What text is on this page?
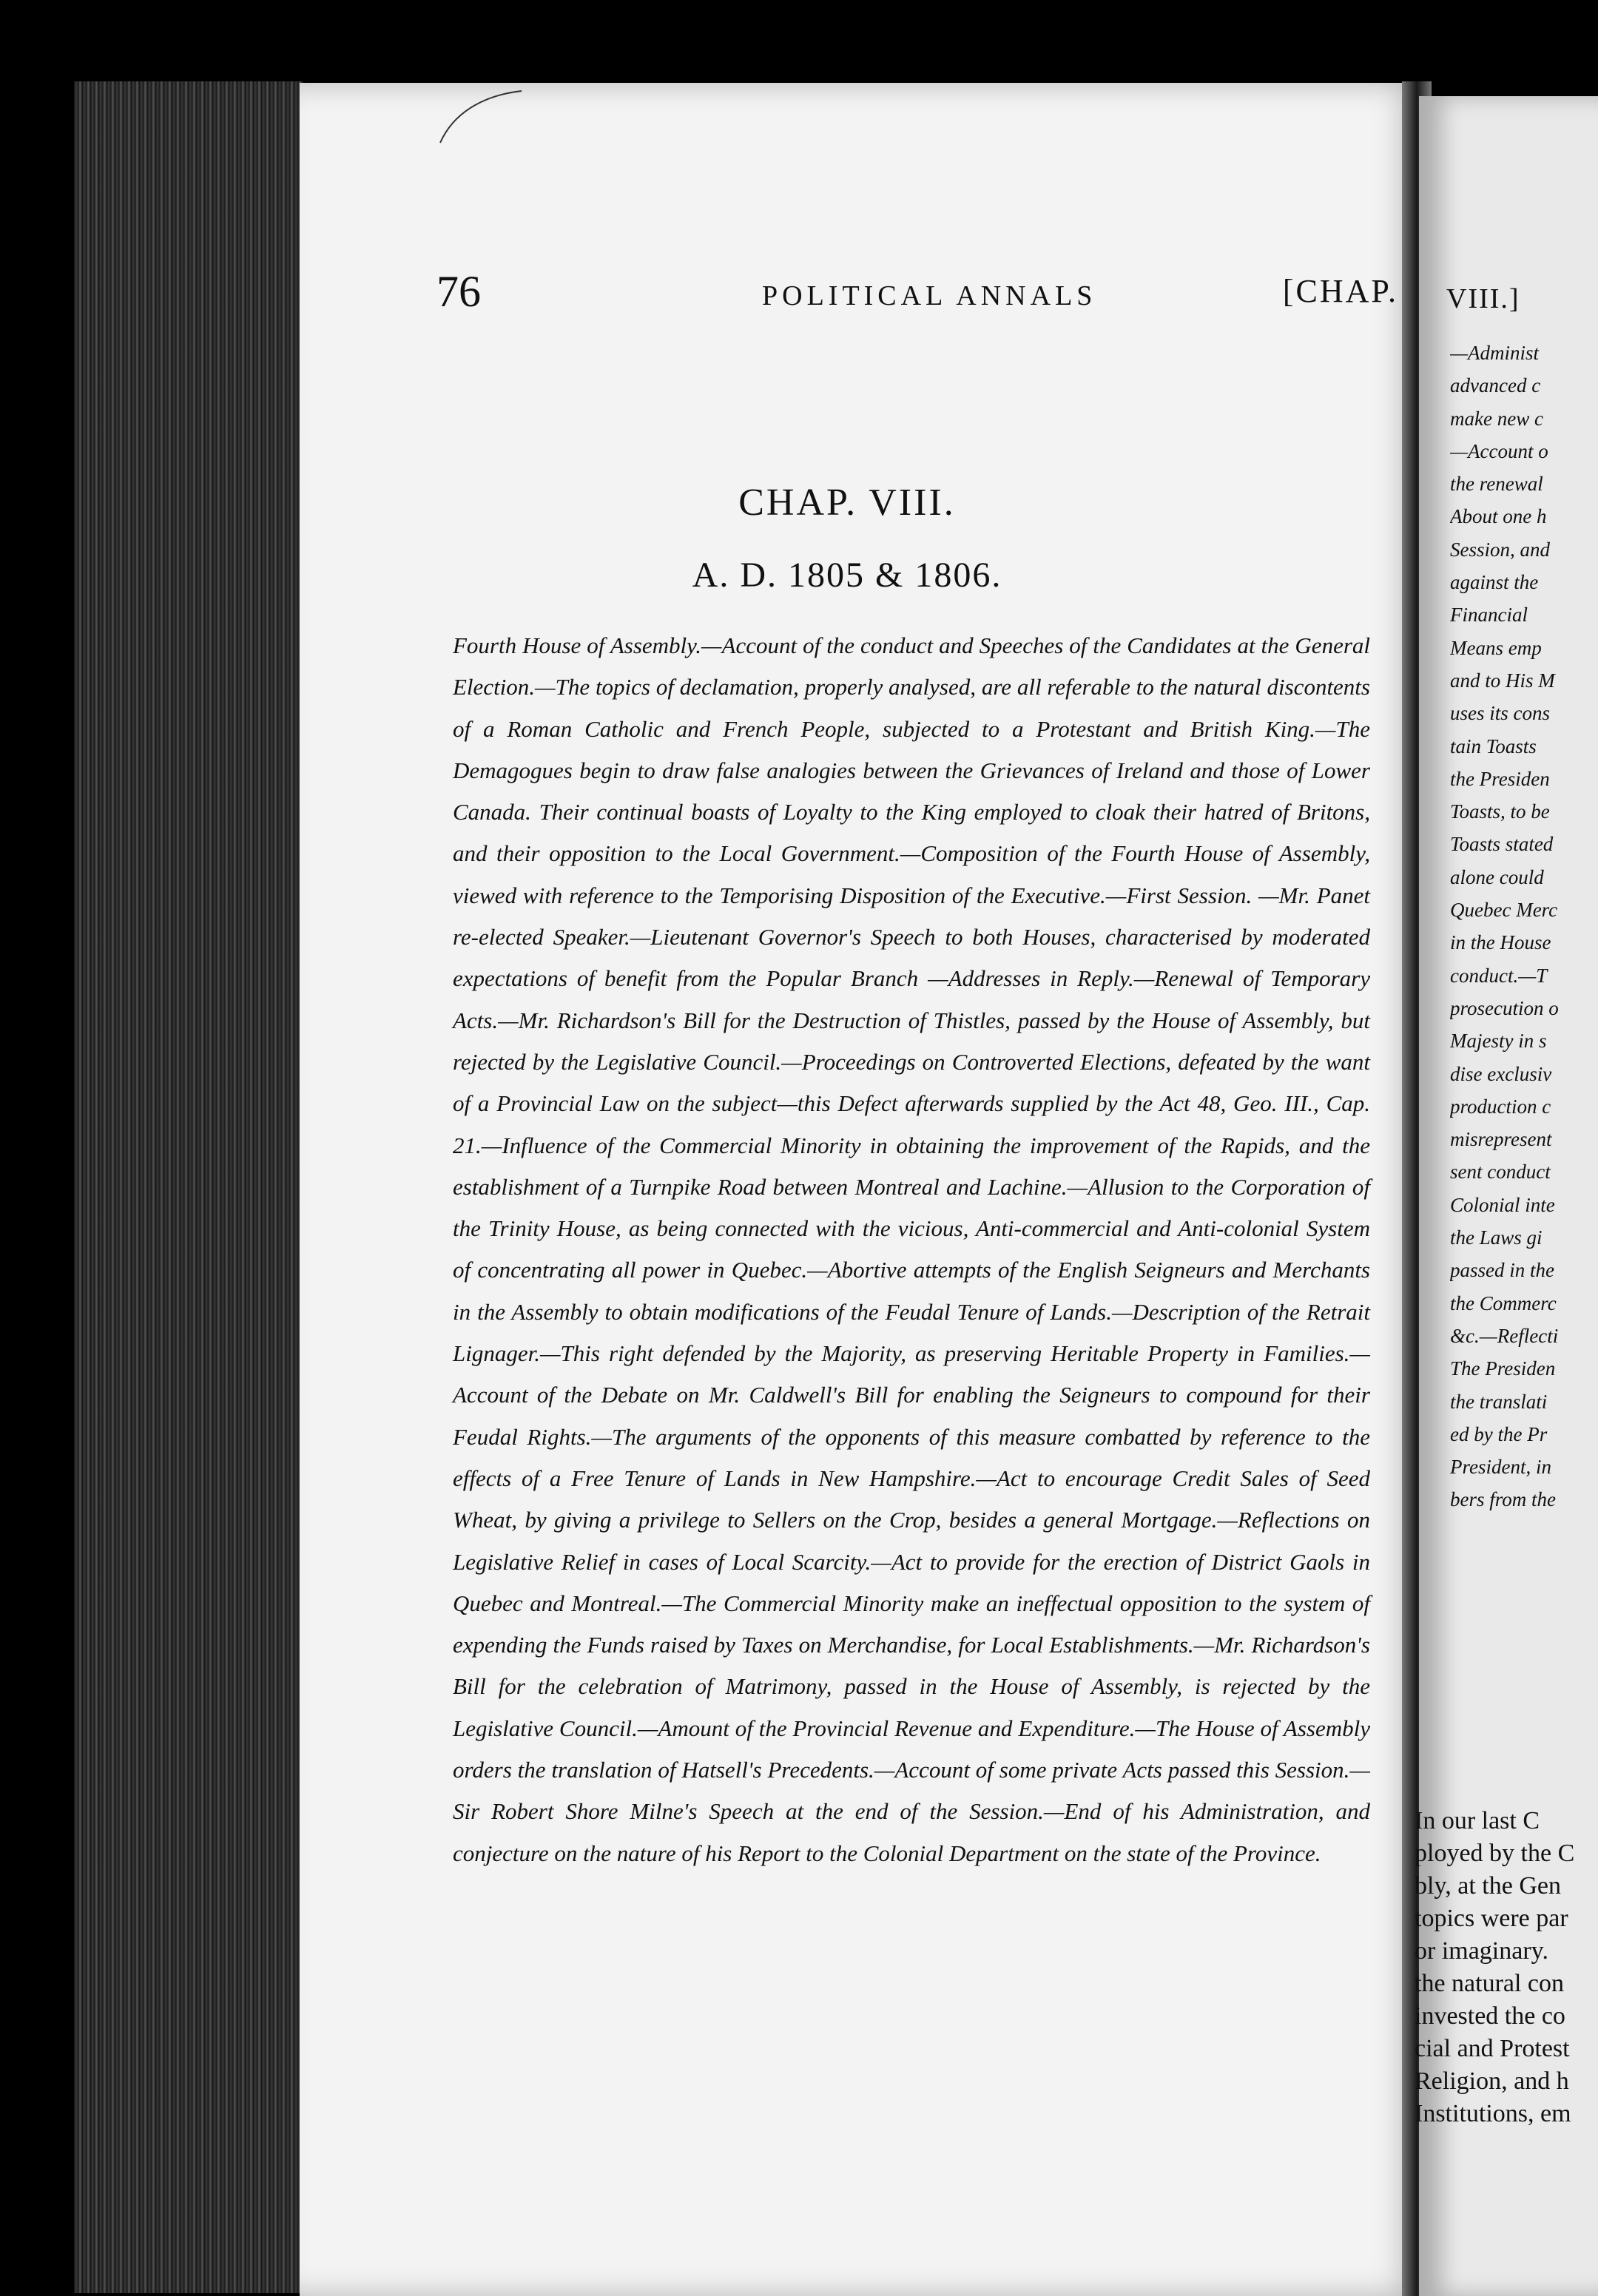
76	POLITICAL ANNALS	[CHAP.
CHAP. VIII.
A. D. 1805 & 1806.
Fourth House of Assembly.—Account of the conduct and Speeches of the Candidates at the General Election.—The topics of declamation, properly analysed, are all referable to the natural discontents of a Roman Catholic and French People, subjected to a Protestant and British King.—The Demagogues begin to draw false analogies between the Grievances of Ireland and those of Lower Canada. Their continual boasts of Loyalty to the King employed to cloak their hatred of Britons, and their opposition to the Local Government.—Composition of the Fourth House of Assembly, viewed with reference to the Temporising Disposition of the Executive.—First Session. —Mr. Panet re-elected Speaker.—Lieutenant Governor's Speech to both Houses, characterised by moderated expectations of benefit from the Popular Branch —Addresses in Reply.—Renewal of Temporary Acts.—Mr. Richardson's Bill for the Destruction of Thistles, passed by the House of Assembly, but rejected by the Legislative Council.—Proceedings on Controverted Elections, defeated by the want of a Provincial Law on the subject—this Defect afterwards supplied by the Act 48, Geo. III., Cap. 21.—Influence of the Commercial Minority in obtaining the improvement of the Rapids, and the establishment of a Turnpike Road between Montreal and Lachine.—Allusion to the Corporation of the Trinity House, as being connected with the vicious, Anti-commercial and Anti-colonial System of concentrating all power in Quebec.—Abortive attempts of the English Seigneurs and Merchants in the Assembly to obtain modifications of the Feudal Tenure of Lands.—Description of the Retrait Lignager.—This right defended by the Majority, as preserving Heritable Property in Families.—Account of the Debate on Mr. Caldwell's Bill for enabling the Seigneurs to compound for their Feudal Rights.—The arguments of the opponents of this measure combatted by reference to the effects of a Free Tenure of Lands in New Hampshire.—Act to encourage Credit Sales of Seed Wheat, by giving a privilege to Sellers on the Crop, besides a general Mortgage.—Reflections on Legislative Relief in cases of Local Scarcity.—Act to provide for the erection of District Gaols in Quebec and Montreal.—The Commercial Minority make an ineffectual opposition to the system of expending the Funds raised by Taxes on Merchandise, for Local Establishments.—Mr. Richardson's Bill for the celebration of Matrimony, passed in the House of Assembly, is rejected by the Legislative Council.—Amount of the Provincial Revenue and Expenditure.—The House of Assembly orders the translation of Hatsell's Precedents.—Account of some private Acts passed this Session.—Sir Robert Shore Milne's Speech at the end of the Session.—End of his Administration, and conjecture on the nature of his Report to the Colonial Department on the state of the Province.
VIII.]
—Administ
advanced c
make new c
—Account o
the renewal
About one h
Session, and
against the
Financial
Means emp
and to His M
uses its cons
tain Toasts
the Presiden
Toasts, to be
Toasts stated
alone could
Quebec Merc
in the House
conduct.—T
prosecution o
Majesty in s
dise exclusiv
production c
misrepresent
sent conduct
Colonial inte
the Laws gi
passed in the
the Commerc
&c.—Reflecti
The Presiden
the translati
ed by the Pr
President, in
bers from the
In our last C
ployed by the C
bly, at the Gen
topics were par
or imaginary.
the natural con
invested the co
cial and Protest
Religion, and h
Institutions, em
